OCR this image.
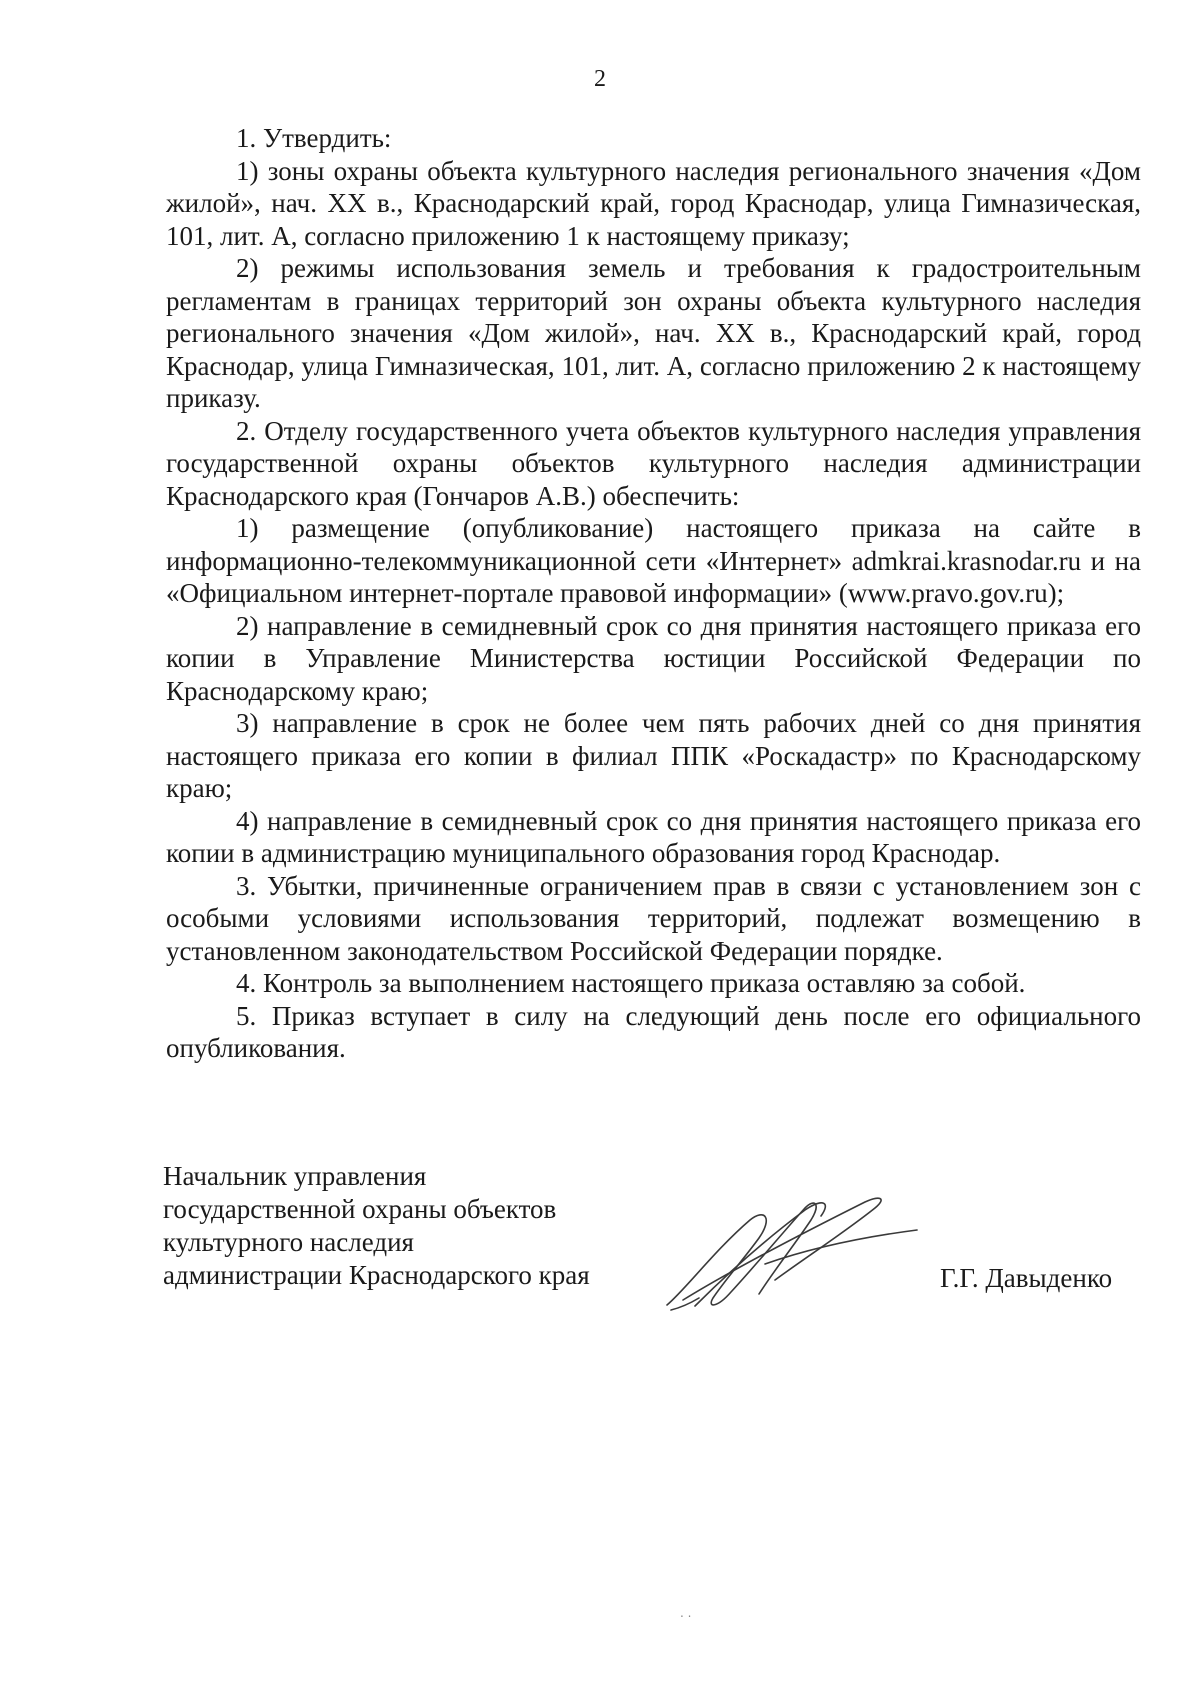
2

1. Утвердить:

1) зоны охраны объекта культурного наследия регионального значения «Дом жилой», нач. XX в., Краснодарский край, город Краснодар, улица Гимназическая, 101, лит. А, согласно приложению 1 к настоящему приказу;

2) режимы использования земель и требования к градостроительным регламентам в границах территорий зон охраны объекта культурного наследия регионального значения «Дом жилой», нач. XX в., Краснодарский край, город Краснодар, улица Гимназическая, 101, лит. А, согласно приложению 2 к настоящему приказу.

2. Отделу государственного учета объектов культурного наследия управления государственной охраны объектов культурного наследия администрации Краснодарского края (Гончаров А.В.) обеспечить:

1) размещение (опубликование) настоящего приказа на сайте в информационно-телекоммуникационной сети «Интернет» admkrai.krasnodar.ru и на «Официальном интернет-портале правовой информации» (www.pravo.gov.ru);

2) направление в семидневный срок со дня принятия настоящего приказа его копии в Управление Министерства юстиции Российской Федерации по Краснодарскому краю;

3) направление в срок не более чем пять рабочих дней со дня принятия настоящего приказа его копии в филиал ППК «Роскадастр» по Краснодарскому краю;

4) направление в семидневный срок со дня принятия настоящего приказа его копии в администрацию муниципального образования город Краснодар.

3. Убытки, причиненные ограничением прав в связи с установлением зон с особыми условиями использования территорий, подлежат возмещению в установленном законодательством Российской Федерации порядке.

4. Контроль за выполнением настоящего приказа оставляю за собой.

5. Приказ вступает в силу на следующий день после его официального опубликования.

Начальник управления
государственной охраны объектов
культурного наследия
администрации Краснодарского края	Г.Г. Давыденко
. .
